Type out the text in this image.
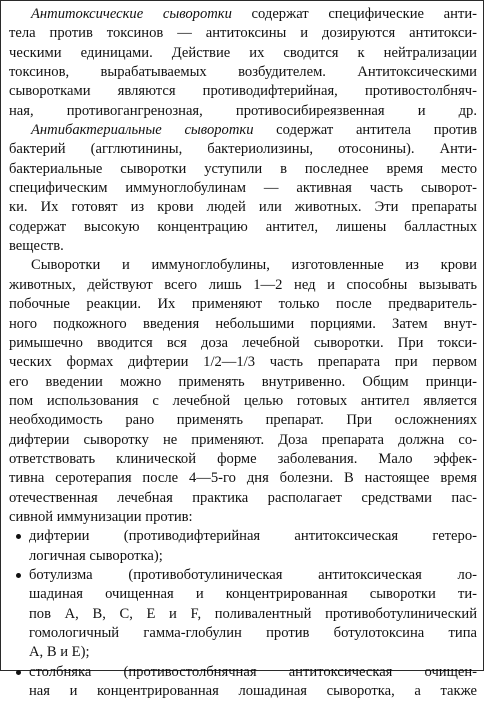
Антитоксические сыворотки содержат специфические анти-
тела против токсинов — антитоксины и дозируются антитокси-
ческими единицами. Действие их сводится к нейтрализации
токсинов, вырабатываемых возбудителем. Антитоксическими
сыворотками являются противодифтерийная, противостолбняч-
ная, противогангренозная, противосибиреязвенная и др.
Антибактериальные сыворотки содержат антитела против
бактерий (агглютинины, бактериолизины, отосонины). Анти-
бактериальные сыворотки уступили в последнее время место
специфическим иммуноглобулинам — активная часть сыворот-
ки. Их готовят из крови людей или животных. Эти препараты
содержат высокую концентрацию антител, лишены балластных
веществ.
Сыворотки и иммуноглобулины, изготовленные из крови
животных, действуют всего лишь 1—2 нед и способны вызывать
побочные реакции. Их применяют только после предваритель-
ного подкожного введения небольшими порциями. Затем внут-
римышечно вводится вся доза лечебной сыворотки. При токси-
ческих формах дифтерии 1/2—1/3 часть препарата при первом
его введении можно применять внутривенно. Общим принци-
пом использования с лечебной целью готовых антител является
необходимость рано применять препарат. При осложнениях
дифтерии сыворотку не применяют. Доза препарата должна со-
ответствовать клинической форме заболевания. Мало эффек-
тивна серотерапия после 4—5-го дня болезни. В настоящее время
отечественная лечебная практика располагает средствами пас-
сивной иммунизации против:
дифтерии (противодифтерийная антитоксическая гетеро-
логичная сыворотка);
ботулизма (противоботулиническая антитоксическая ло-
шадиная очищенная и концентрированная сыворотки ти-
пов А, В, С, Е и F, поливалентный противоботулинический
гомологичный гамма-глобулин против ботулотоксина типа
А, В и Е);
столбняка (противостолбнячная антитоксическая очищен-
ная и концентрированная лошадиная сыворотка, а также
